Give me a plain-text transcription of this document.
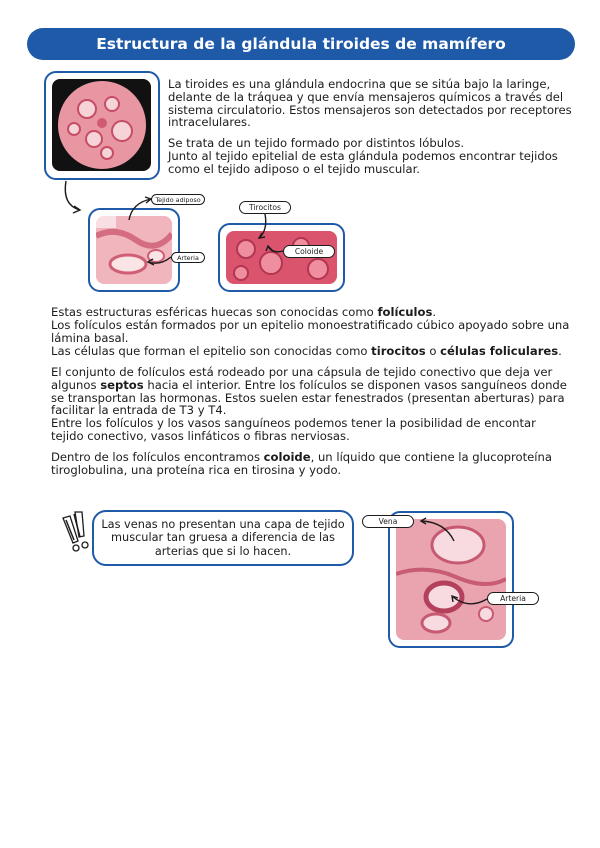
Estructura de la glándula tiroides de mamífero

La tiroides es una glándula endocrina que se sitúa bajo la laringe, delante de la tráquea y que envía mensajeros químicos a través del sistema circulatorio. Estos mensajeros son detectados por receptores intracelulares.

Se trata de un tejido formado por distintos lóbulos.

Junto al tejido epitelial de esta glándula podemos encontrar tejidos como el tejido adiposo o el tejido muscular.

Tejido adiposo
Arteria
Tirocitos
Coloide
Vena
Arteria

Estas estructuras esféricas huecas son conocidas como folículos.

Los folículos están formados por un epitelio monoestratificado cúbico apoyado sobre una lámina basal.

Las células que forman el epitelio son conocidas como tirocitos o células foliculares.

El conjunto de folículos está rodeado por una cápsula de tejido conectivo que deja ver algunos septos hacia el interior. Entre los folículos se disponen vasos sanguíneos donde se transportan las hormonas. Estos suelen estar fenestrados (presentan aberturas) para facilitar la entrada de T3 y T4.

Entre los folículos y los vasos sanguíneos podemos tener la posibilidad de encontar tejido conectivo, vasos linfáticos o fibras nerviosas.

Dentro de los folículos encontramos coloide, un líquido que contiene la glucoproteína tiroglobulina, una proteína rica en tirosina y yodo.

Las venas no presentan una capa de tejido muscular tan gruesa a diferencia de las arterias que si lo hacen.
